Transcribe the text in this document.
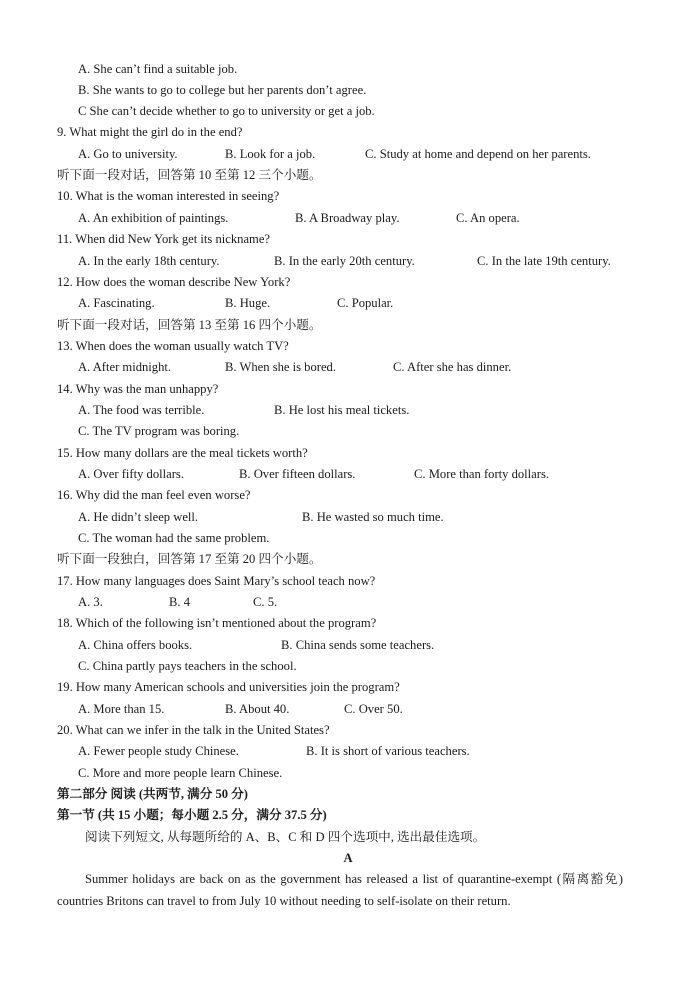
A. She can’t find a suitable job.
B. She wants to go to college but her parents don’t agree.
C She can’t decide whether to go to university or get a job.
9. What might the girl do in the end?
A. Go to university.	B. Look for a job.	C. Study at home and depend on her parents.
听下面一段对话，回答第 10 至第 12 三个小题。
10. What is the woman interested in seeing?
A. An exhibition of paintings.	B. A Broadway play.	C. An opera.
11. When did New York get its nickname?
A. In the early 18th century.	B. In the early 20th century.	C. In the late 19th century.
12. How does the woman describe New York?
A. Fascinating.	B. Huge.	C. Popular.
听下面一段对话，回答第 13 至第 16 四个小题。
13. When does the woman usually watch TV?
A. After midnight.	B. When she is bored.	C. After she has dinner.
14. Why was the man unhappy?
A. The food was terrible.	B. He lost his meal tickets.
C. The TV program was boring.
15. How many dollars are the meal tickets worth?
A. Over fifty dollars.	B. Over fifteen dollars.	C. More than forty dollars.
16. Why did the man feel even worse?
A. He didn’t sleep well.	B. He wasted so much time.
C. The woman had the same problem.
听下面一段独白，回答第 17 至第 20 四个小题。
17. How many languages does Saint Mary’s school teach now?
A. 3.	B. 4	C. 5.
18. Which of the following isn’t mentioned about the program?
A. China offers books.	B. China sends some teachers.
C. China partly pays teachers in the school.
19. How many American schools and universities join the program?
A. More than 15.	B. About 40.	C. Over 50.
20. What can we infer in the talk in the United States?
A. Fewer people study Chinese.	B. It is short of various teachers.
C. More and more people learn Chinese.
第二部分 阅读 (共两节, 满分 50 分)
第一节 (共 15 小题；每小题 2.5 分，满分 37.5 分)
阅读下列短文, 从每题所给的 A、B、C 和 D 四个选项中, 选出最佳选项。
A
Summer holidays are back on as the government has released a list of quarantine-exempt (隔离豁免) countries Britons can travel to from July 10 without needing to self-isolate on their return.
